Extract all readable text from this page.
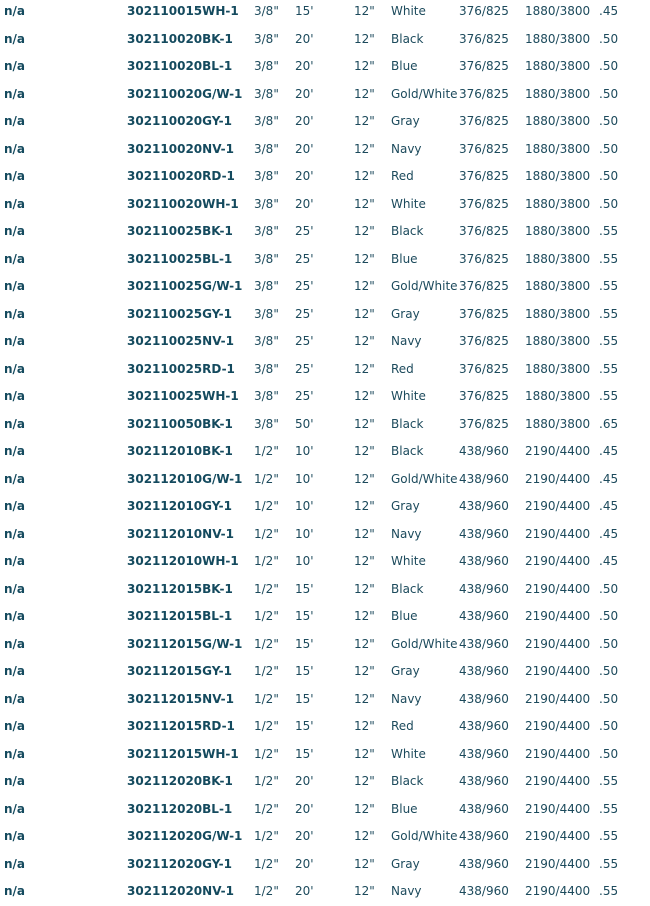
n/a	302110015WH-1 3/8" 15'	12" White	376/825 1880/3800 .45
n/a	302110020BK-1 3/8" 20'	12" Black	376/825 1880/3800 .50
n/a	302110020BL-1 3/8" 20'	12" Blue	376/825 1880/3800 .50
n/a	302110020G/W-1 3/8" 20'	12" Gold/White 376/825 1880/3800 .50
n/a	302110020GY-1 3/8" 20'	12" Gray	376/825 1880/3800 .50
n/a	302110020NV-1 3/8" 20'	12" Navy	376/825 1880/3800 .50
n/a	302110020RD-1 3/8" 20'	12" Red	376/825 1880/3800 .50
n/a	302110020WH-1 3/8" 20'	12" White	376/825 1880/3800 .50
n/a	302110025BK-1 3/8" 25'	12" Black	376/825 1880/3800 .55
n/a	302110025BL-1 3/8" 25'	12" Blue	376/825 1880/3800 .55
n/a	302110025G/W-1 3/8" 25'	12" Gold/White 376/825 1880/3800 .55
n/a	302110025GY-1 3/8" 25'	12" Gray	376/825 1880/3800 .55
n/a	302110025NV-1 3/8" 25'	12" Navy	376/825 1880/3800 .55
n/a	302110025RD-1 3/8" 25'	12" Red	376/825 1880/3800 .55
n/a	302110025WH-1 3/8" 25'	12" White	376/825 1880/3800 .55
n/a	302110050BK-1 3/8" 50'	12" Black	376/825 1880/3800 .65
n/a	302112010BK-1 1/2" 10'	12" Black	438/960 2190/4400 .45
n/a	302112010G/W-1 1/2" 10'	12" Gold/White 438/960 2190/4400 .45
n/a	302112010GY-1 1/2" 10'	12" Gray	438/960 2190/4400 .45
n/a	302112010NV-1 1/2" 10'	12" Navy	438/960 2190/4400 .45
n/a	302112010WH-1 1/2" 10'	12" White	438/960 2190/4400 .45
n/a	302112015BK-1 1/2" 15'	12" Black	438/960 2190/4400 .50
n/a	302112015BL-1 1/2" 15'	12" Blue	438/960 2190/4400 .50
n/a	302112015G/W-1 1/2" 15'	12" Gold/White 438/960 2190/4400 .50
n/a	302112015GY-1 1/2" 15'	12" Gray	438/960 2190/4400 .50
n/a	302112015NV-1 1/2" 15'	12" Navy	438/960 2190/4400 .50
n/a	302112015RD-1 1/2" 15'	12" Red	438/960 2190/4400 .50
n/a	302112015WH-1 1/2" 15'	12" White	438/960 2190/4400 .50
n/a	302112020BK-1 1/2" 20'	12" Black	438/960 2190/4400 .55
n/a	302112020BL-1 1/2" 20'	12" Blue	438/960 2190/4400 .55
n/a	302112020G/W-1 1/2" 20'	12" Gold/White 438/960 2190/4400 .55
n/a	302112020GY-1 1/2" 20'	12" Gray	438/960 2190/4400 .55
n/a	302112020NV-1 1/2" 20'	12" Navy	438/960 2190/4400 .55
